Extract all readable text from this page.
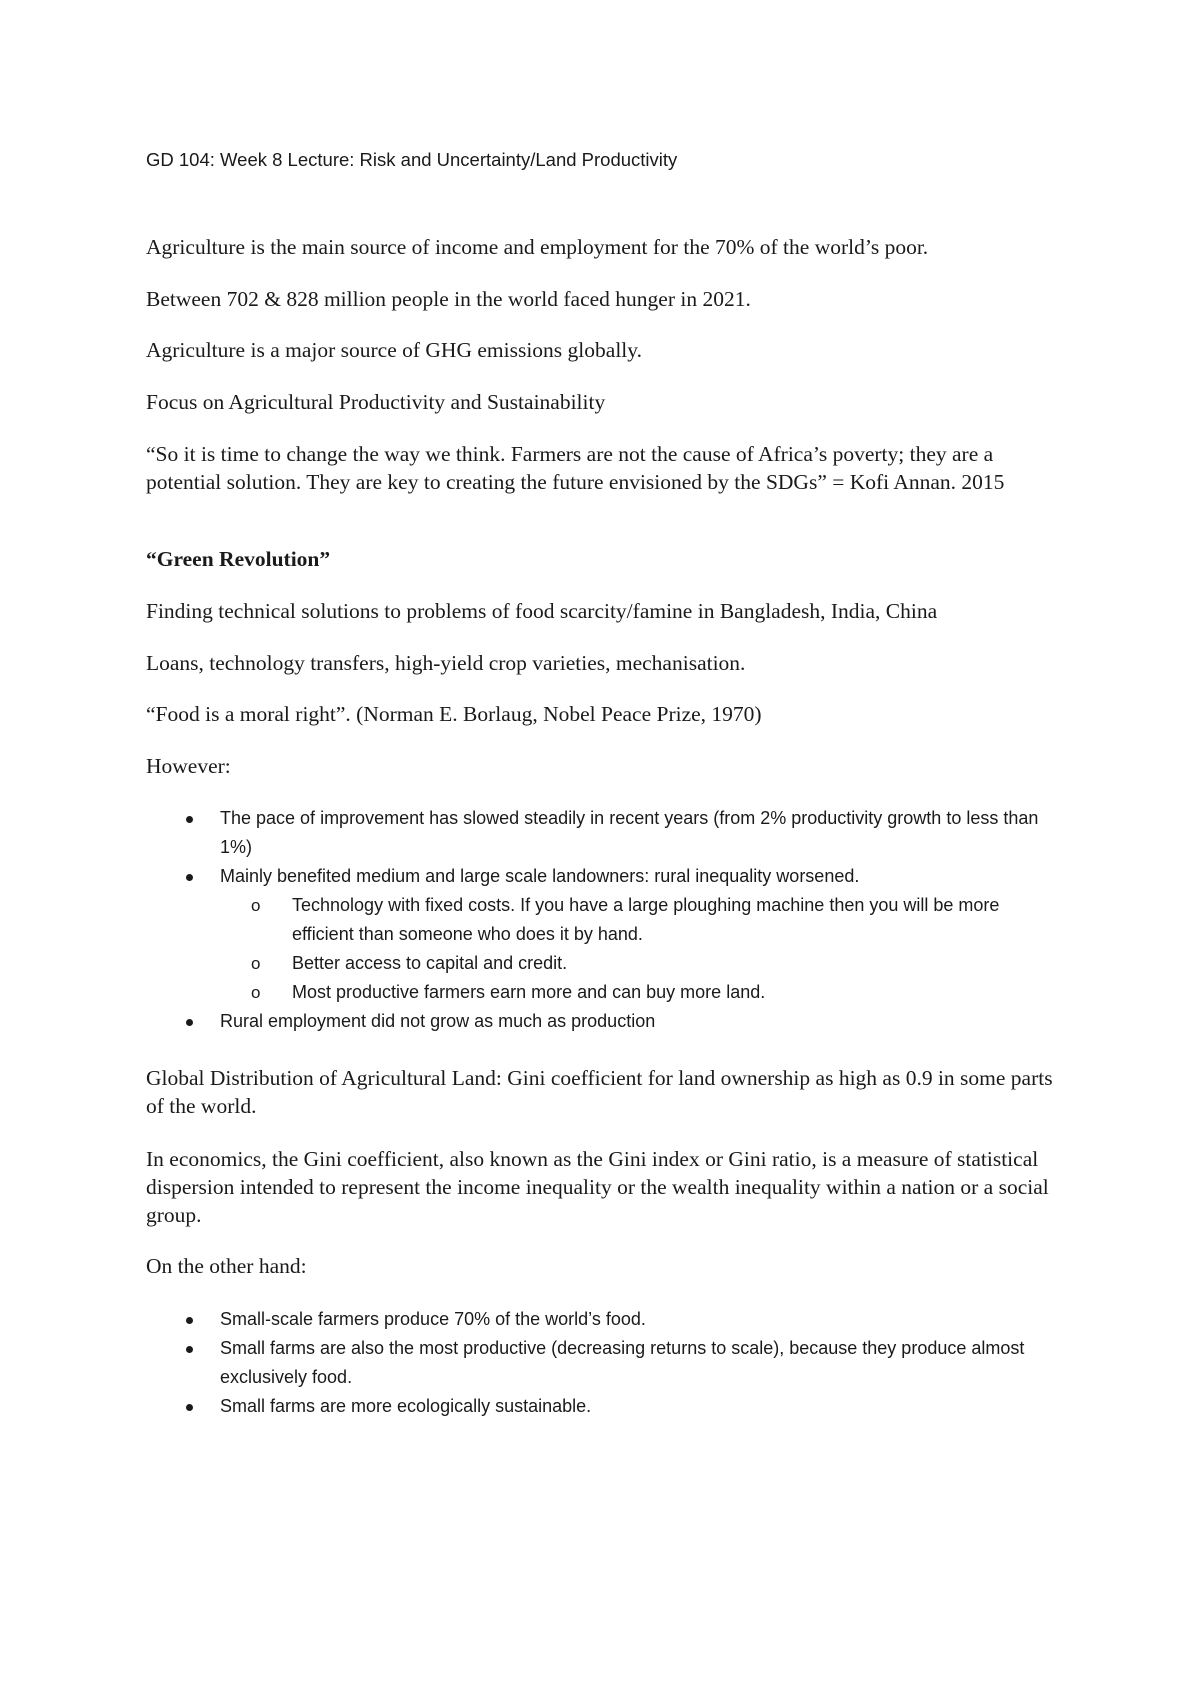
GD 104: Week 8 Lecture: Risk and Uncertainty/Land Productivity
Agriculture is the main source of income and employment for the 70% of the world’s poor.
Between 702 & 828 million people in the world faced hunger in 2021.
Agriculture is a major source of GHG emissions globally.
Focus on Agricultural Productivity and Sustainability
“So it is time to change the way we think. Farmers are not the cause of Africa’s poverty; they are a potential solution. They are key to creating the future envisioned by the SDGs” = Kofi Annan. 2015
“Green Revolution”
Finding technical solutions to problems of food scarcity/famine in Bangladesh, India, China
Loans, technology transfers, high-yield crop varieties, mechanisation.
“Food is a moral right”. (Norman E. Borlaug, Nobel Peace Prize, 1970)
However:
The pace of improvement has slowed steadily in recent years (from 2% productivity growth to less than 1%)
Mainly benefited medium and large scale landowners: rural inequality worsened.
o Technology with fixed costs. If you have a large ploughing machine then you will be more efficient than someone who does it by hand.
o Better access to capital and credit.
o Most productive farmers earn more and can buy more land.
Rural employment did not grow as much as production
Global Distribution of Agricultural Land: Gini coefficient for land ownership as high as 0.9 in some parts of the world.
In economics, the Gini coefficient, also known as the Gini index or Gini ratio, is a measure of statistical dispersion intended to represent the income inequality or the wealth inequality within a nation or a social group.
On the other hand:
Small-scale farmers produce 70% of the world’s food.
Small farms are also the most productive (decreasing returns to scale), because they produce almost exclusively food.
Small farms are more ecologically sustainable.
